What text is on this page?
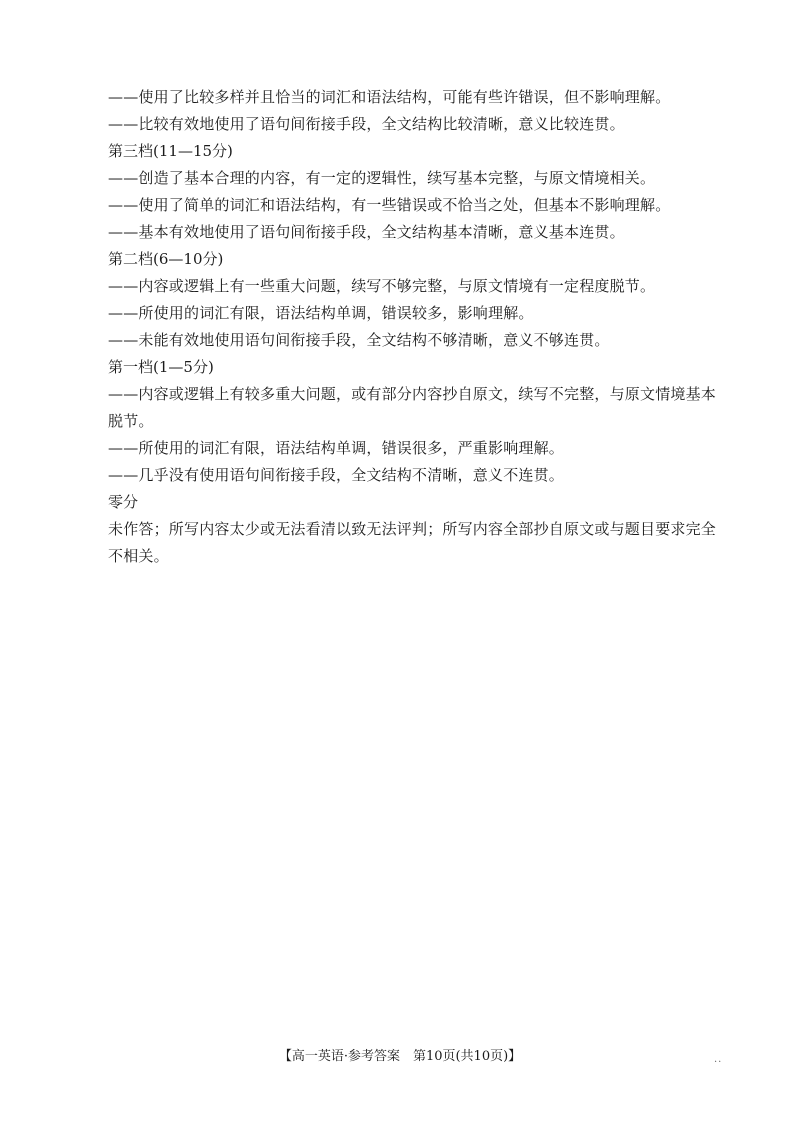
——使用了比较多样并且恰当的词汇和语法结构，可能有些许错误，但不影响理解。
——比较有效地使用了语句间衔接手段，全文结构比较清晰，意义比较连贯。
第三档(11—15分)
——创造了基本合理的内容，有一定的逻辑性，续写基本完整，与原文情境相关。
——使用了简单的词汇和语法结构，有一些错误或不恰当之处，但基本不影响理解。
——基本有效地使用了语句间衔接手段，全文结构基本清晰，意义基本连贯。
第二档(6—10分)
——内容或逻辑上有一些重大问题，续写不够完整，与原文情境有一定程度脱节。
——所使用的词汇有限，语法结构单调，错误较多，影响理解。
——未能有效地使用语句间衔接手段，全文结构不够清晰，意义不够连贯。
第一档(1—5分)
——内容或逻辑上有较多重大问题，或有部分内容抄自原文，续写不完整，与原文情境基本脱节。
——所使用的词汇有限，语法结构单调，错误很多，严重影响理解。
——几乎没有使用语句间衔接手段，全文结构不清晰，意义不连贯。
零分
未作答；所写内容太少或无法看清以致无法评判；所写内容全部抄自原文或与题目要求完全不相关。
【高一英语·参考答案　第10页(共10页)】	..
